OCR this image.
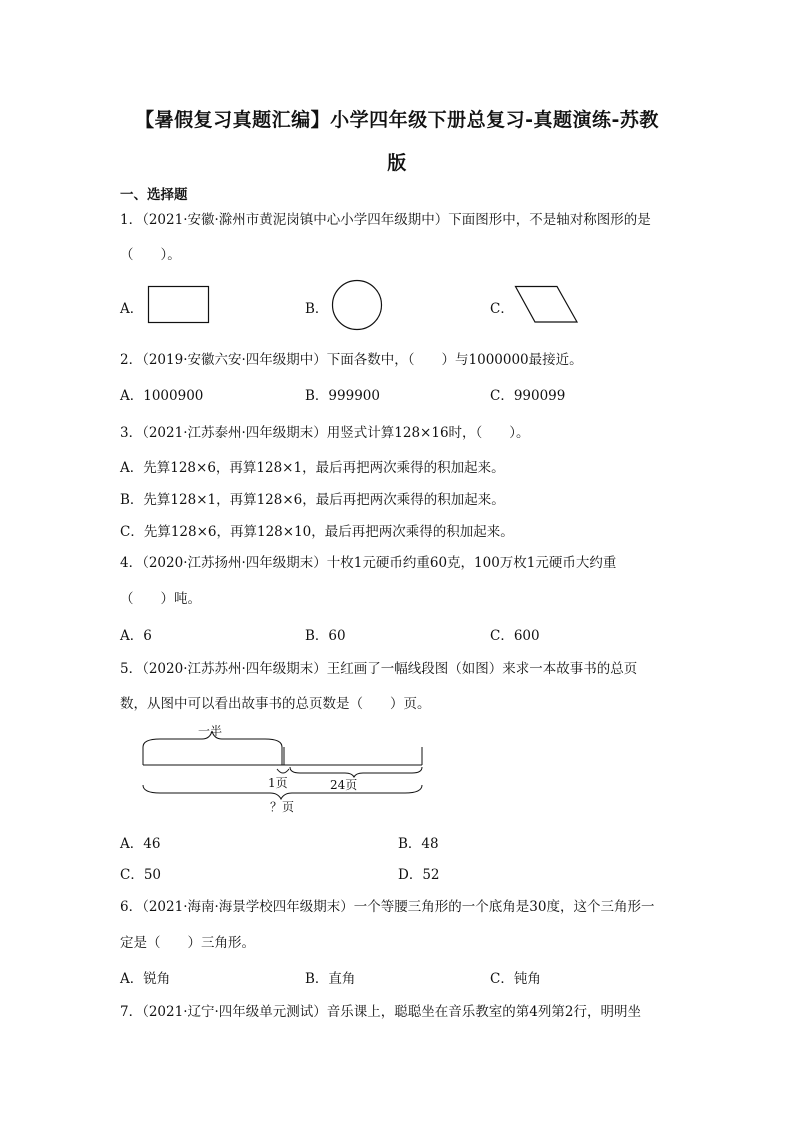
【暑假复习真题汇编】小学四年级下册总复习-真题演练-苏教
版
一、选择题
1．（2021·安徽·滁州市黄泥岗镇中心小学四年级期中）下面图形中，不是轴对称图形的是
（　　）。
A．	B．	C．
2．（2019·安徽六安·四年级期中）下面各数中，（　　）与1000000最接近。
A．1000900	B．999900	C．990099
3．（2021·江苏泰州·四年级期末）用竖式计算128×16时，（　　）。
A．先算128×6，再算128×1，最后再把两次乘得的积加起来。
B．先算128×1，再算128×6，最后再把两次乘得的积加起来。
C．先算128×6，再算128×10，最后再把两次乘得的积加起来。
4．（2020·江苏扬州·四年级期末）十枚1元硬币约重60克，100万枚1元硬币大约重
（　　）吨。
A．6	B．60	C．600
5．（2020·江苏苏州·四年级期末）王红画了一幅线段图（如图）来求一本故事书的总页
数，从图中可以看出故事书的总页数是（　　）页。
一半
1页	24页
？页
A．46	B．48
C．50	D．52
6．（2021·海南·海景学校四年级期末）一个等腰三角形的一个底角是30度，这个三角形一
定是（　　）三角形。
A．锐角	B．直角	C．钝角
7．（2021·辽宁·四年级单元测试）音乐课上，聪聪坐在音乐教室的第4列第2行，明明坐
